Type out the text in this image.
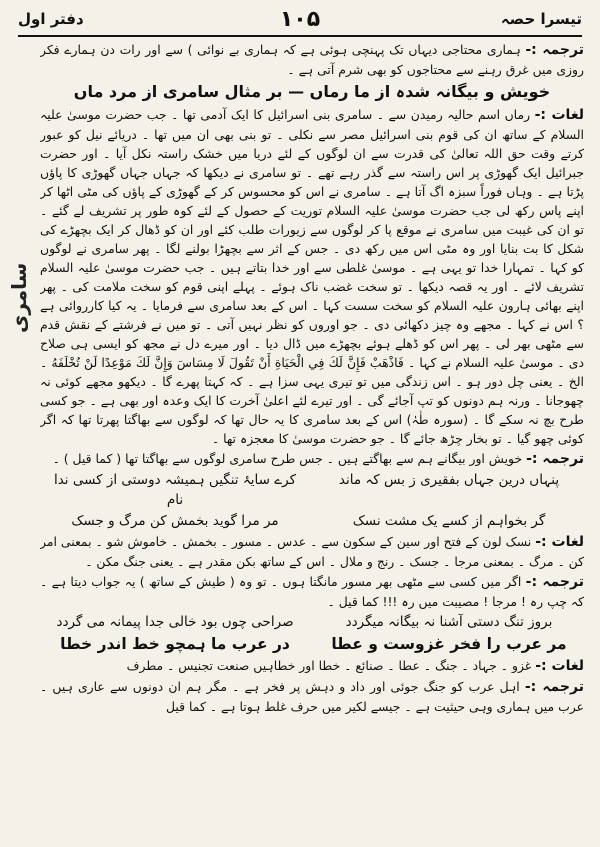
دفتر اول	۱۰۵	تیسرا حصہ
سامری

ترجمہ :- ہماری محتاجی دیہاں تک پہنچی ہوئی ہے کہ ہماری بے نوائی ) سے اور رات دن ہمارے فکر روزی میں غرق رہنے سے محتاجوں کو بھی شرم آتی ہے ۔

خویش و بیگانہ شدہ از ما رماں — بر مثال سامری از مرد ماں

لغات :- رماں اسم حالیہ رمیدن سے ۔ سامری بنی اسرائیل کا ایک آدمی تھا ۔ جب حضرت موسیٰ علیہ السلام کے ساتھ ان کی قوم بنی اسرائیل مصر سے نکلی ۔ تو بنی بھی ان میں تھا ۔ دریائے نیل کو عبور کرتے وقت حق اللہ تعالیٰ کی قدرت سے ان لوگوں کے لئے دریا میں خشک راستہ نکل آیا ۔ اور حضرت جبرائیل ایک گھوڑی پر اس راستہ سے گذر رہے تھے ۔ تو سامری نے دیکھا کہ جہاں جہاں گھوڑی کا پاؤں پڑتا ہے ۔ وہاں فوراً سبزہ اگ آتا ہے ۔ سامری نے اس کو محسوس کر کے گھوڑی کے پاؤں کی مٹی اٹھا کر اپنے پاس رکھ لی جب حضرت موسیٰ علیہ السلام توریت کے حصول کے لئے کوہ طور پر تشریف لے گئے ۔ تو ان کی غیبت میں سامری نے موقع پا کر لوگوں سے زیورات طلب کئے اور ان کو ڈھال کر ایک بچھڑے کی شکل کا بت بنایا اور وہ مٹی اس میں رکھ دی ۔ جس کے اثر سے بچھڑا بولنے لگا ۔ پھر سامری نے لوگوں کو کہا ۔ تمہارا خدا تو یہی ہے ۔ موسیٰ غلطی سے اور خدا بتاتے ہیں ۔ جب حضرت موسیٰ علیہ السلام تشریف لائے ۔ اور یہ قصہ دیکھا ۔ تو سخت غضب ناک ہوئے ۔ پہلے اپنی قوم کو سخت ملامت کی ۔ پھر اپنے بھائی ہارون علیہ السلام کو سخت سست کہا ۔ اس کے بعد سامری سے فرمایا ۔ یہ کیا کارروائی ہے ؟ اس نے کہا ۔ مجھے وہ چیز دکھائی دی ۔ جو اوروں کو نظر نہیں آتی ۔ تو میں نے فرشتے کے نقش قدم سے مٹھی بھر لی ۔ پھر اس کو ڈھلے ہوئے بچھڑے میں ڈال دیا ۔ اور میرے دل نے مجھ کو ایسی ہی صلاح دی ۔ موسیٰ علیہ السلام نے کہا ۔ فَاذْهَبْ فَإِنَّ لَكَ فِي الْحَيَاةِ أَنْ تَقُولَ لَا مِسَاسَ وَإِنَّ لَكَ مَوْعِدًا لَنْ تُخْلَفَهُ ۔ الخ ۔ یعنی چل دور ہو ۔ اس زندگی میں تو تیری یہی سزا ہے ۔ کہ کہتا پھرے گا ۔ دیکھو مجھے کوئی نہ چھوجانا ۔ ورنہ ہم دونوں کو تپ آجائے گی ۔ اور تیرے لئے اعلیٰ آخرت کا ایک وعدہ اور بھی ہے ۔ جو کسی طرح بچ نہ سکے گا ۔ (سورہ طٰہٰ) اس کے بعد سامری کا یہ حال تھا کہ لوگوں سے بھاگتا پھرتا تھا کہ اگر کوئی چھو گیا ۔ تو بخار چڑھ جائے گا ۔ جو حضرت موسیٰ کا معجزہ تھا ۔

ترجمہ :- خویش اور بیگانے ہم سے بھاگتے ہیں ۔ جس طرح سامری لوگوں سے بھاگتا تھا ( کما قیل ) ۔

پنہاں درین جہاں بفقیری ز بس کہ ماند
کرے سایۂ تنگیں ہمیشہ دوستی از کسی ندا نام
گر بخواہم از کسے یک مشت نسک
مر مرا گوید بخمش کن مرگ و جسک

لغات :- نسک لون کے فتح اور سین کے سکون سے ۔ عدس ۔ مسور ۔ بخمش ۔ خاموش شو ۔ بمعنی امر کن ۔ مرگ ۔ بمعنی مرجا ۔ جسک ۔ رنج و ملال ۔ اس کے ساتھ بکن مقدر ہے ۔ یعنی جنگ مکن ۔

ترجمہ :- اگر میں کسی سے مٹھی بھر مسور مانگتا ہوں ۔ تو وہ ( طیش کے ساتھ ) یہ جواب دیتا ہے ۔ کہ چپ رہ ! مرجا ! مصیبت میں رہ !!! کما قیل ۔

بروز تنگ دستی آشنا نہ بیگانہ میگردد
صراحی چوں بود خالی جدا پیمانہ می گردد
مر عرب را فخر غزوست و عطا
در عرب ما ہمچو خط اندر خطا

لغات :- غزو ۔ جہاد ۔ جنگ ۔ عطا ۔ صنائع ۔ خطا اور خطاہیں صنعت تجنیس ۔ مطرف

ترجمہ :- اہل عرب کو جنگ جوئی اور داد و دہش پر فخر ہے ۔ مگر ہم ان دونوں سے عاری ہیں ۔ عرب میں ہماری وہی حیثیت ہے ۔ جیسے لکیر میں حرف غلط ہوتا ہے ۔ کما قیل
